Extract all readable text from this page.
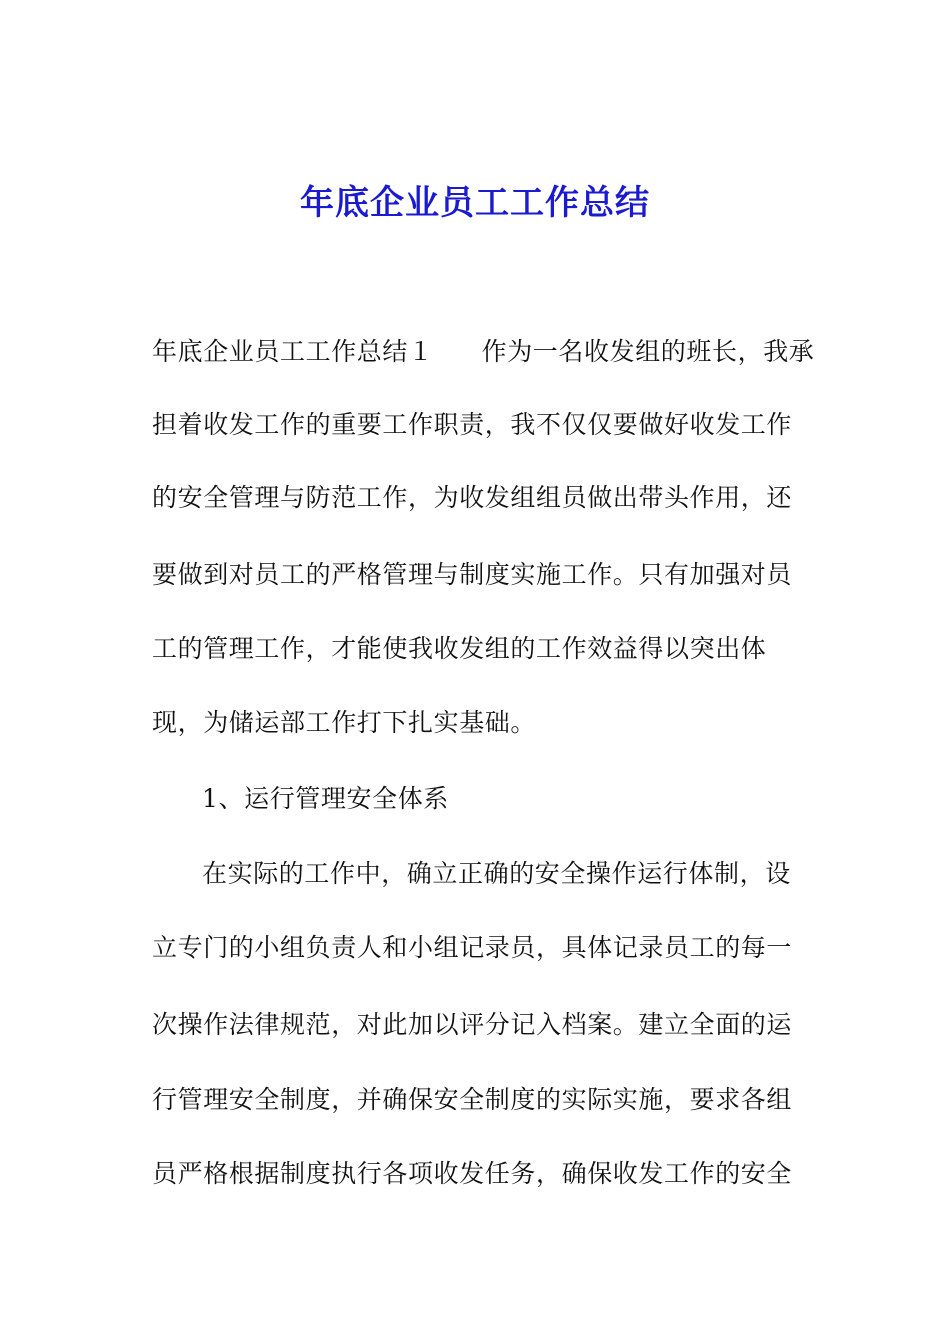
年底企业员工工作总结
年底企业员工工作总结１ 作为一名收发组的班长，我承
担着收发工作的重要工作职责，我不仅仅要做好收发工作
的安全管理与防范工作，为收发组组员做出带头作用，还
要做到对员工的严格管理与制度实施工作。只有加强对员
工的管理工作，才能使我收发组的工作效益得以突出体
现，为储运部工作打下扎实基础。
1、运行管理安全体系
在实际的工作中，确立正确的安全操作运行体制，设
立专门的小组负责人和小组记录员，具体记录员工的每一
次操作法律规范，对此加以评分记入档案。建立全面的运
行管理安全制度，并确保安全制度的实际实施，要求各组
员严格根据制度执行各项收发任务，确保收发工作的安全
